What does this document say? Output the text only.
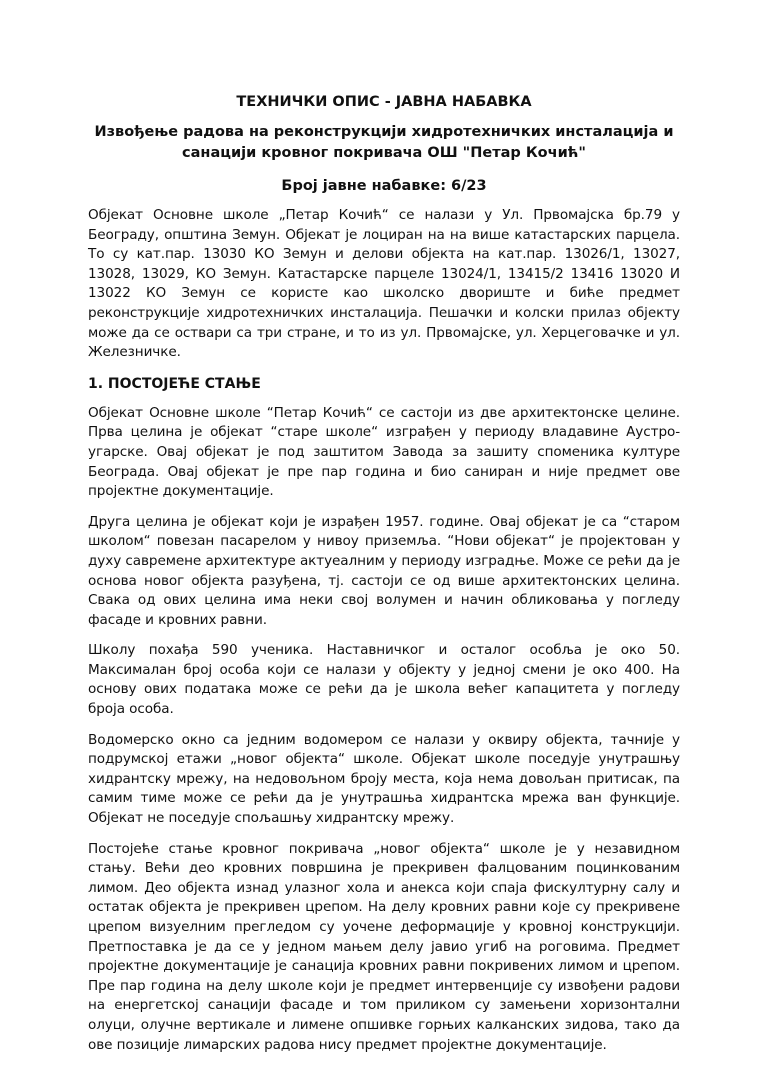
ТЕХНИЧКИ ОПИС - ЈАВНА НАБАВКА
Извођење радова на реконструкцији хидротехничких инсталација и санацији кровног покривача ОШ "Петар Кочић"
Број јавне набавке: 6/23

Објекат Основне школе „Петар Кочић“ се налази у Ул. Првомајска бр.79 у Београду, општина Земун. Објекат је лоциран на на више катастарских парцела. То су кат.пар. 13030 КО Земун и делови објекта на кат.пар. 13026/1, 13027, 13028, 13029, КО Земун. Катастарске парцеле 13024/1, 13415/2 13416 13020 И 13022 КО Земун се користе као школско двориште и биће предмет реконструкције хидротехничких инсталација. Пешачки и колски прилаз објекту може да се оствари са три стране, и то из ул. Првомајске, ул. Херцеговачке и ул. Железничке.

1. ПОСТОЈЕЋЕ СТАЊЕ

Објекат Основне школе “Петар Кочић“ се састоји из две архитектонске целине. Прва целина је објекат “старе школе“ изграђен у периоду владавине Аустро-угарске. Овај објекат је под заштитом Завода за зашиту споменика културе Београда. Овај објекат је пре пар година и био саниран и није предмет ове пројектне документације.

Друга целина је објекат који је израђен 1957. године. Овај објекат је са “старом школом“ повезан пасарелом у нивоу приземља. “Нови објекат“ је пројектован у духу савремене архитектуре актуеалним у периоду изградње. Може се рећи да је основа новог објекта разуђена, тј. састоји се од више архитектонских целина. Свака од ових целина има неки свој волумен и начин обликовања у погледу фасаде и кровних равни.

Школу похађа 590 ученика. Наставничког и осталог особља је око 50. Максималан број особа који се налази у објекту у једној смени је око 400. На основу ових података може се рећи да је школа већег капацитета у погледу броја особа.

Водомерско окно са једним водомером се налази у оквиру објекта, тачније у подрумској етажи „новог објекта“ школе. Објекат школе поседује унутрашњу хидрантску мрежу, на недовољном броју места, која нема довољан притисак, па самим тиме може се рећи да је унутрашња хидрантска мрежа ван функције. Објекат не поседује спољашњу хидрантску мрежу.

Постојеће стање кровног покривача „новог објекта“ школе је у незавидном стању. Већи део кровних површина је прекривен фалцованим поцинкованим лимом. Део објекта изнад улазног хола и анекса који спаја фискултурну салу и остатак објекта је прекривен црепом. На делу кровних равни које су прекривене црепом визуелним прегледом су уочене деформације у кровној конструкцији. Претпоставка је да се у једном мањем делу јавио угиб на роговима. Предмет пројектне документације је санација кровних равни покривених лимом и црепом. Пре пар година на делу школе који је предмет интервенције су извођени радови на енергетској санацији фасаде и том приликом су замењени хоризонтални олуци, олучне вертикале и лимене опшивке горњих калканских зидова, тако да ове позиције лимарских радова нису предмет пројектне документације.
